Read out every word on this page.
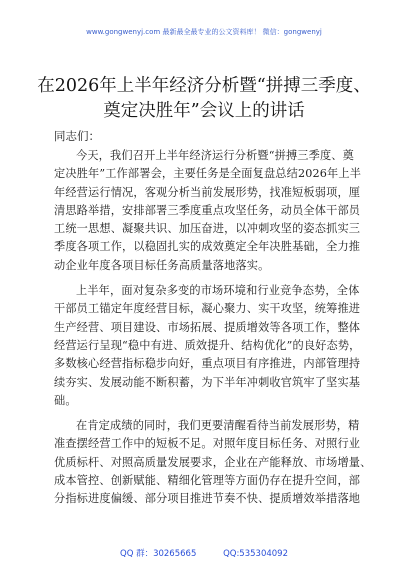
www.gongwenyj.com 最新最全最专业的公文资料库！ 微信：gongwenyj
在2026年上半年经济分析暨“拼搏三季度、
奠定决胜年”会议上的讲话
同志们：
今天，我们召开上半年经济运行分析暨“拼搏三季度、奠
定决胜年”工作部署会，主要任务是全面复盘总结2026年上半
年经营运行情况，客观分析当前发展形势，找准短板弱项，厘
清思路举措，安排部署三季度重点攻坚任务，动员全体干部员
工统一思想、凝聚共识、加压奋进，以冲刺攻坚的姿态抓实三
季度各项工作，以稳固扎实的成效奠定全年决胜基础，全力推
动企业年度各项目标任务高质量落地落实。
上半年，面对复杂多变的市场环境和行业竞争态势，全体
干部员工锚定年度经营目标，凝心聚力、实干攻坚，统筹推进
生产经营、项目建设、市场拓展、提质增效等各项工作，整体
经营运行呈现“稳中有进、质效提升、结构优化”的良好态势，
多数核心经营指标稳步向好，重点项目有序推进，内部管理持
续夯实、发展动能不断积蓄，为下半年冲刺收官筑牢了坚实基
础。
在肯定成绩的同时，我们更要清醒看待当前发展形势，精
准查摆经营工作中的短板不足。对照年度目标任务、对照行业
优质标杆、对照高质量发展要求，企业在产能释放、市场增量、
成本管控、创新赋能、精细化管理等方面仍存在提升空间，部
分指标进度偏缓、部分项目推进节奏不快、提质增效举措落地
QQ 群：30265665	QQ:535304092
